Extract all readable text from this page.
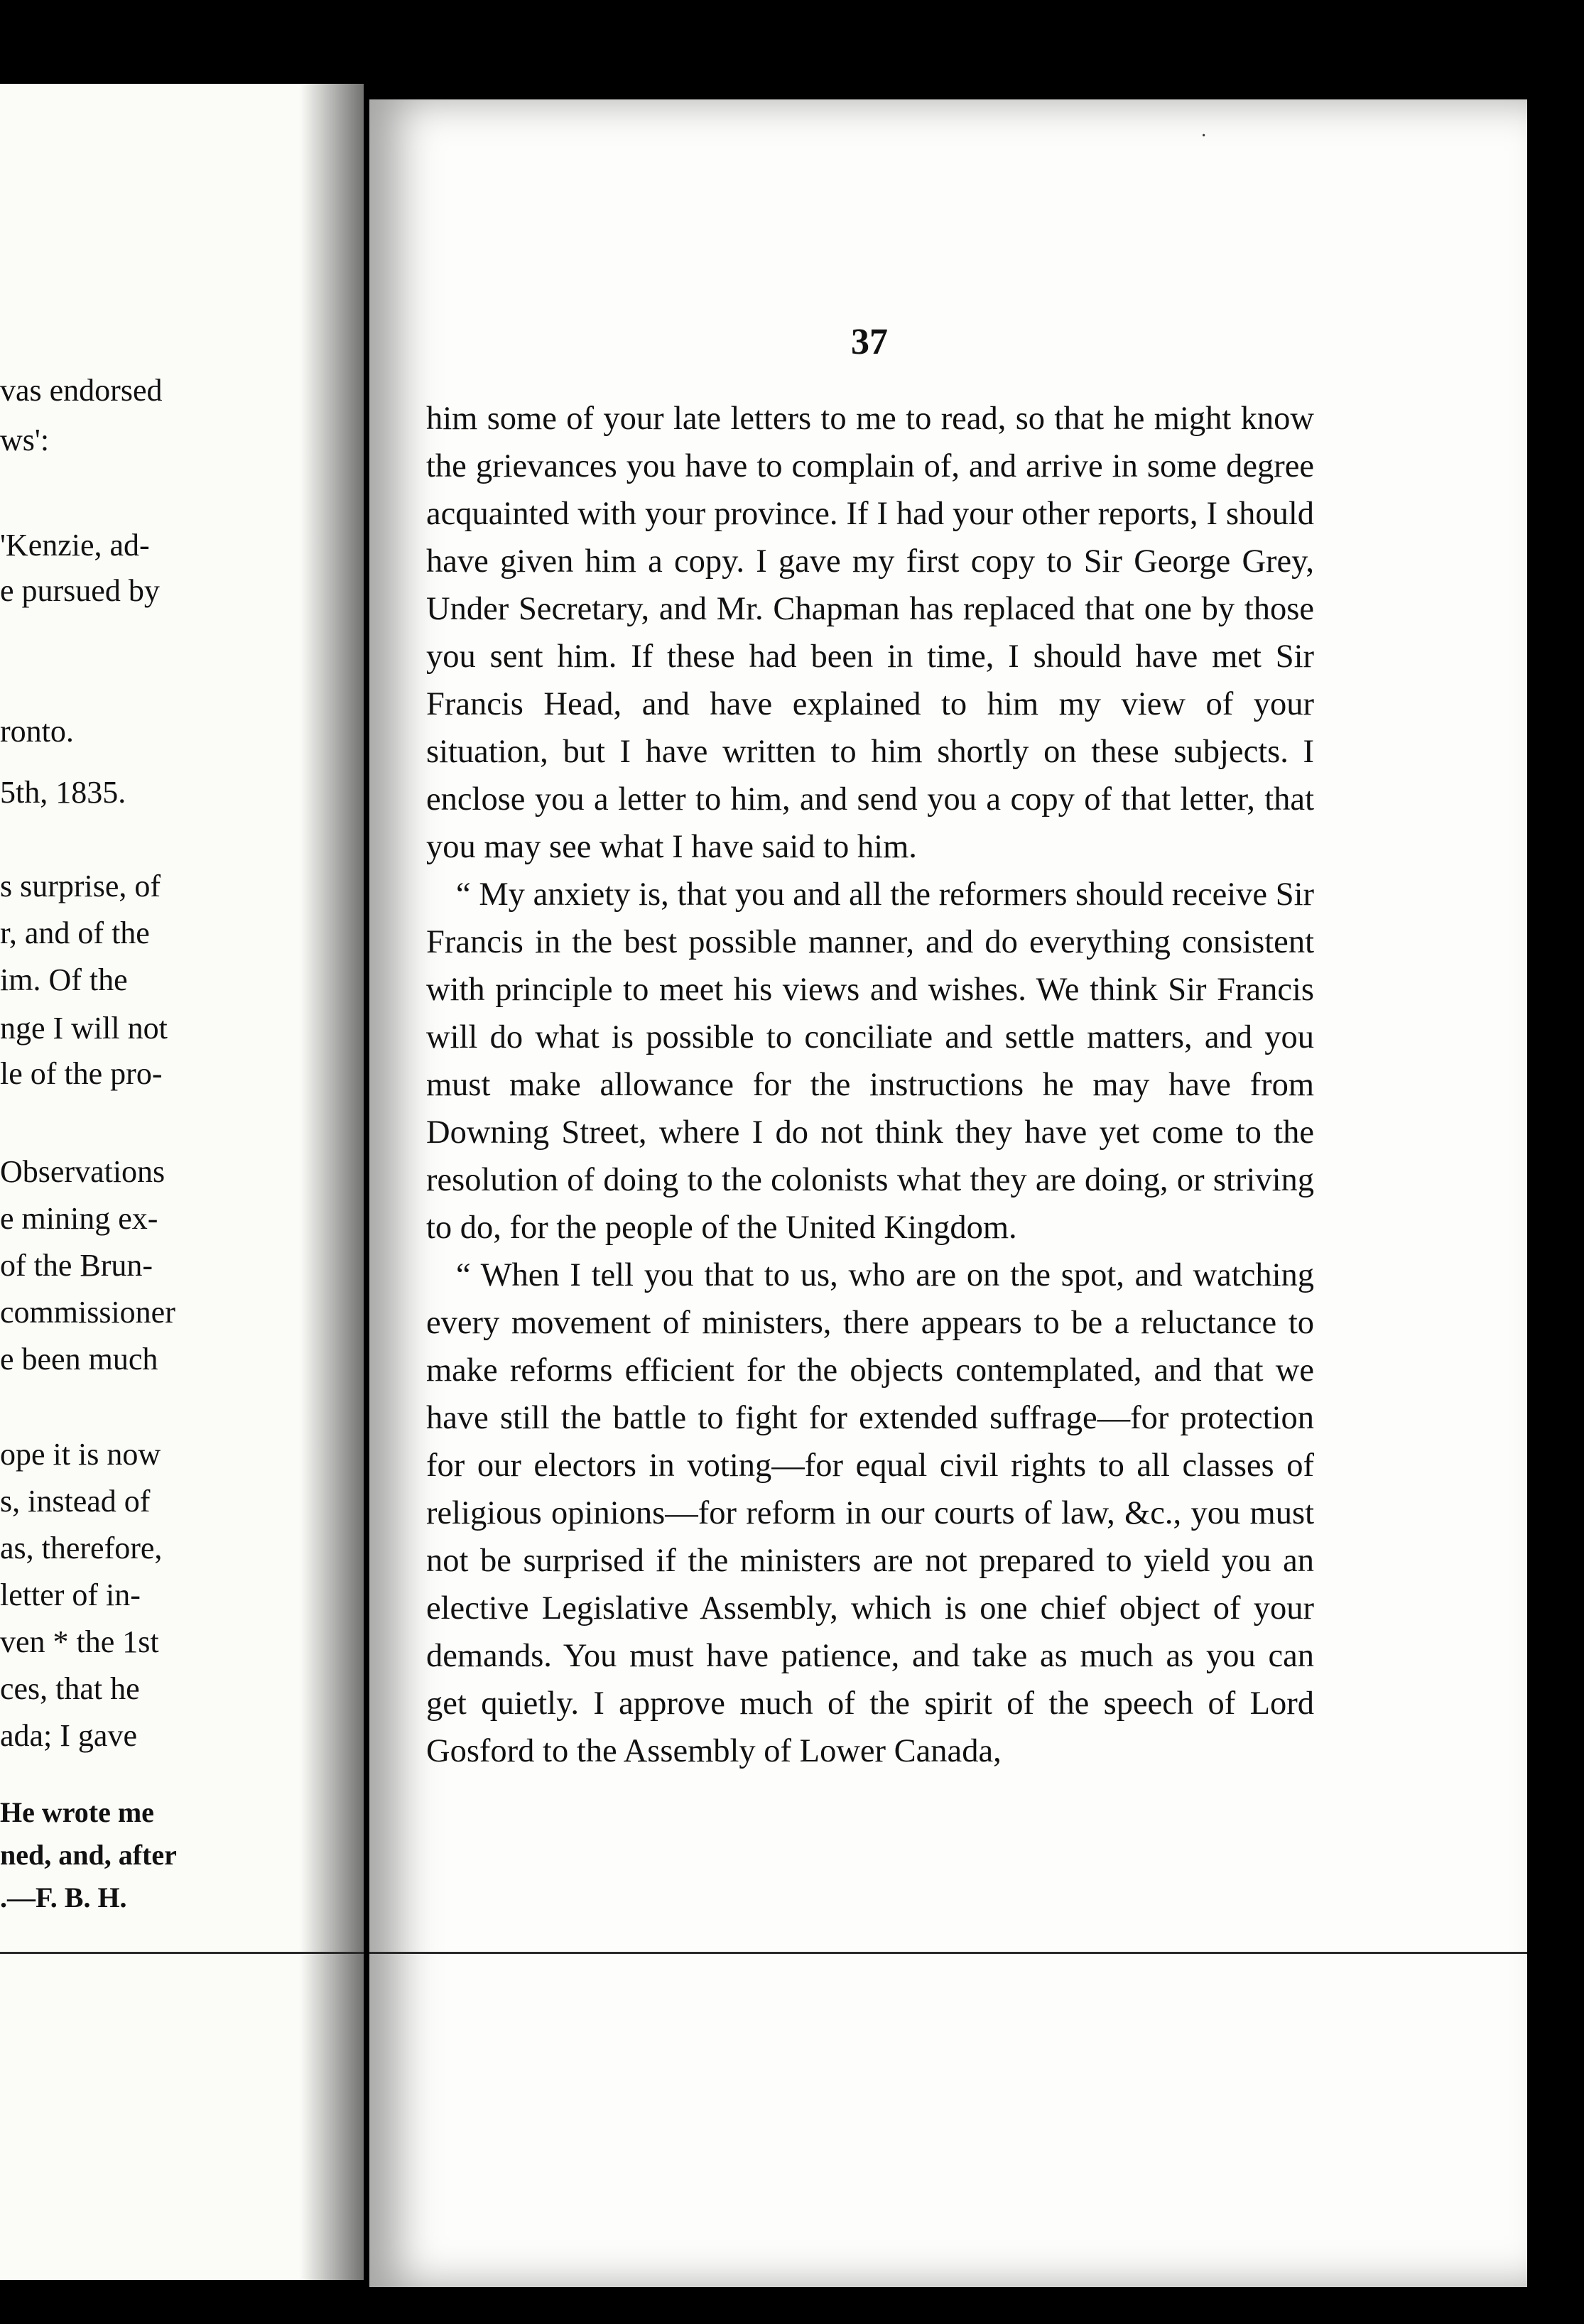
vas endorsed
ws':
'Kenzie, ad-
e pursued by
ronto.
5th, 1835.
s surprise, of
r, and of the
im. Of the
nge I will not
le of the pro-
Observations
e mining ex-
of the Brun-
commissioner
e been much
ope it is now
s, instead of
as, therefore,
letter of in-
ven * the 1st
ces, that he
ada; I gave
He wrote me
ned, and, after
.—F. B. H.
37

him some of your late letters to me to read, so that he might know the grievances you have to complain of, and arrive in some degree acquainted with your province. If I had your other reports, I should have given him a copy. I gave my first copy to Sir George Grey, Under Secretary, and Mr. Chapman has replaced that one by those you sent him. If these had been in time, I should have met Sir Francis Head, and have explained to him my view of your situation, but I have written to him shortly on these subjects. I enclose you a letter to him, and send you a copy of that letter, that you may see what I have said to him.

“ My anxiety is, that you and all the reformers should receive Sir Francis in the best possible manner, and do everything consistent with principle to meet his views and wishes. We think Sir Francis will do what is possible to conciliate and settle matters, and you must make allowance for the instructions he may have from Downing Street, where I do not think they have yet come to the resolution of doing to the colonists what they are doing, or striving to do, for the people of the United Kingdom.

“ When I tell you that to us, who are on the spot, and watching every movement of ministers, there appears to be a reluctance to make reforms efficient for the objects contemplated, and that we have still the battle to fight for extended suffrage—for protection for our electors in voting—for equal civil rights to all classes of religious opinions—for reform in our courts of law, &c., you must not be surprised if the ministers are not prepared to yield you an elective Legislative Assembly, which is one chief object of your demands. You must have patience, and take as much as you can get quietly. I approve much of the spirit of the speech of Lord Gosford to the Assembly of Lower Canada,

·
